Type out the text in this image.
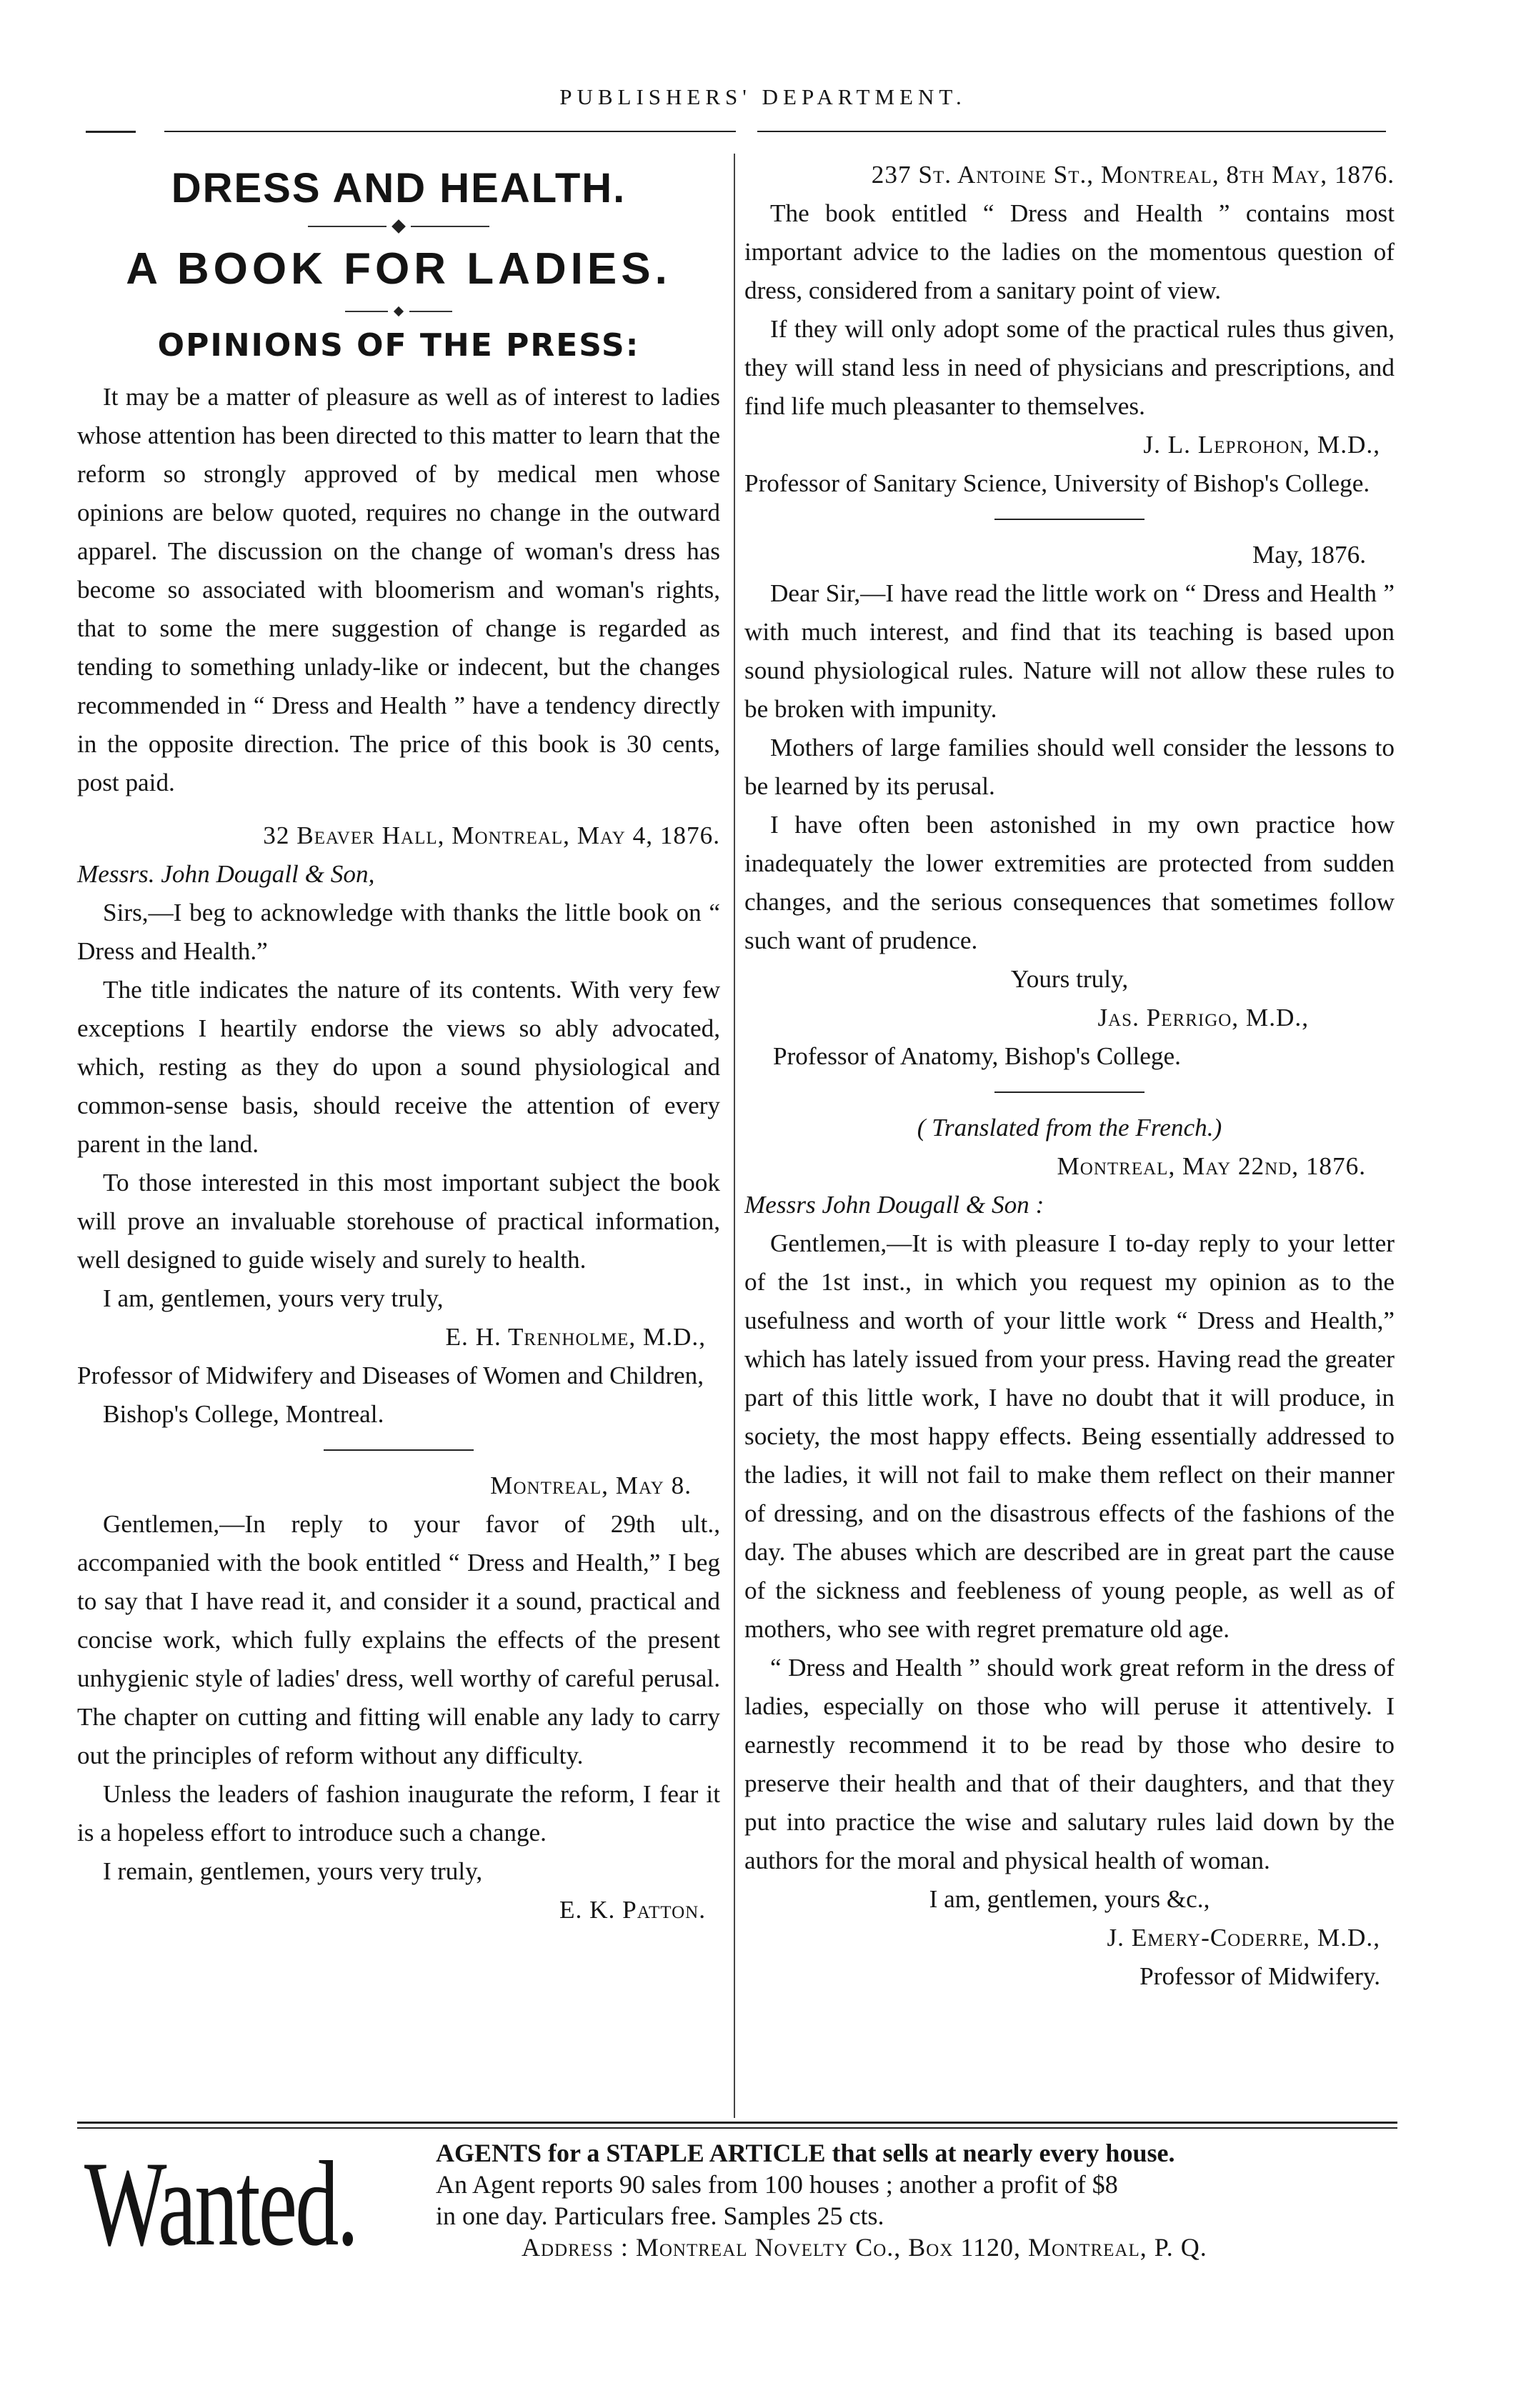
PUBLISHERS' DEPARTMENT.
DRESS AND HEALTH.
A BOOK FOR LADIES.
OPINIONS OF THE PRESS:

It may be a matter of pleasure as well as of interest to ladies whose attention has been directed to this matter to learn that the reform so strongly approved of by medical men whose opinions are below quoted, requires no change in the outward apparel. The discussion on the change of woman's dress has become so associated with bloomerism and woman's rights, that to some the mere suggestion of change is regarded as tending to something unlady-like or indecent, but the changes recommended in “ Dress and Health ” have a tendency directly in the opposite direction. The price of this book is 30 cents, post paid.

32 Beaver Hall, Montreal, May 4, 1876.

Messrs. John Dougall & Son,

Sirs,—I beg to acknowledge with thanks the little book on “ Dress and Health.”

The title indicates the nature of its contents. With very few exceptions I heartily endorse the views so ably advocated, which, resting as they do upon a sound physiological and common-sense basis, should receive the attention of every parent in the land.

To those interested in this most important subject the book will prove an invaluable storehouse of practical information, well designed to guide wisely and surely to health.

I am, gentlemen, yours very truly,

E. H. Trenholme, M.D.,

Professor of Midwifery and Diseases of Women and Children, Bishop's College, Montreal.

Montreal, May 8.

Gentlemen,—In reply to your favor of 29th ult., accompanied with the book entitled “ Dress and Health,” I beg to say that I have read it, and consider it a sound, practical and concise work, which fully explains the effects of the present unhygienic style of ladies' dress, well worthy of careful perusal. The chapter on cutting and fitting will enable any lady to carry out the principles of reform without any difficulty.

Unless the leaders of fashion inaugurate the reform, I fear it is a hopeless effort to introduce such a change.

I remain, gentlemen, yours very truly,

E. K. Patton.

237 St. Antoine St., Montreal, 8th May, 1876.

The book entitled “ Dress and Health ” contains most important advice to the ladies on the momentous question of dress, considered from a sanitary point of view.

If they will only adopt some of the practical rules thus given, they will stand less in need of physicians and prescriptions, and find life much pleasanter to themselves.

J. L. Leprohon, M.D.,

Professor of Sanitary Science, University of Bishop's College.

May, 1876.

Dear Sir,—I have read the little work on “ Dress and Health ” with much interest, and find that its teaching is based upon sound physiological rules. Nature will not allow these rules to be broken with impunity.

Mothers of large families should well consider the lessons to be learned by its perusal.

I have often been astonished in my own practice how inadequately the lower extremities are protected from sudden changes, and the serious consequences that sometimes follow such want of prudence.

Yours truly,

Jas. Perrigo, M.D.,

Professor of Anatomy, Bishop's College.

( Translated from the French.)

Montreal, May 22nd, 1876.

Messrs John Dougall & Son :

Gentlemen,—It is with pleasure I to-day reply to your letter of the 1st inst., in which you request my opinion as to the usefulness and worth of your little work “ Dress and Health,” which has lately issued from your press. Having read the greater part of this little work, I have no doubt that it will produce, in society, the most happy effects. Being essentially addressed to the ladies, it will not fail to make them reflect on their manner of dressing, and on the disastrous effects of the fashions of the day. The abuses which are described are in great part the cause of the sickness and feebleness of young people, as well as of mothers, who see with regret premature old age.

“ Dress and Health ” should work great reform in the dress of ladies, especially on those who will peruse it attentively. I earnestly recommend it to be read by those who desire to preserve their health and that of their daughters, and that they put into practice the wise and salutary rules laid down by the authors for the moral and physical health of woman.

I am, gentlemen, yours &c.,

J. Emery-Coderre, M.D.,

Professor of Midwifery.

Wanted.	AGENTS for a STAPLE ARTICLE that sells at nearly every house.
An Agent reports 90 sales from 100 houses ; another a profit of $8
in one day. Particulars free. Samples 25 cts.
Address : Montreal Novelty Co., Box 1120, Montreal, P. Q.
